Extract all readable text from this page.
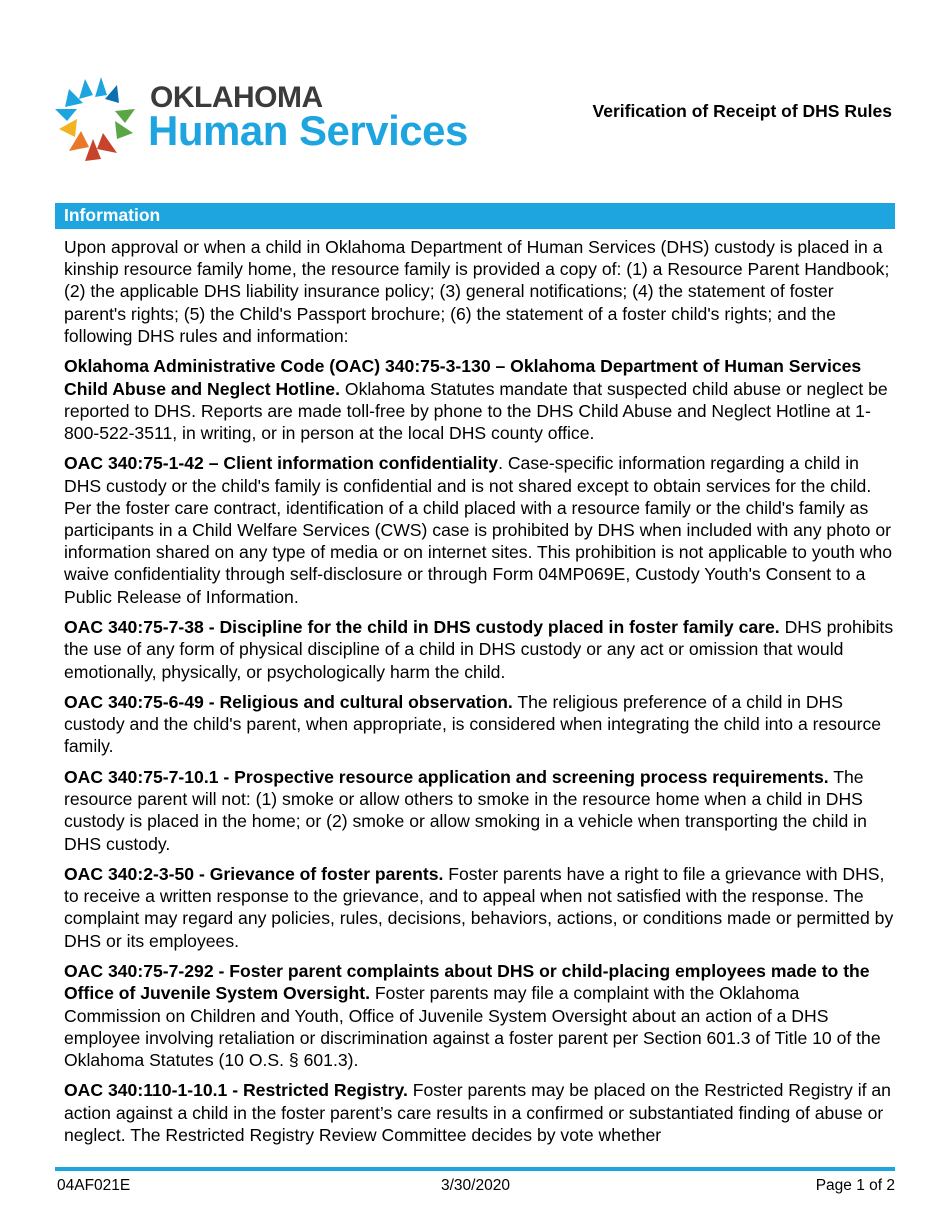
OKLAHOMA
Human Services	Verification of Receipt of DHS Rules
Information

Upon approval or when a child in Oklahoma Department of Human Services (DHS) custody is placed in a kinship resource family home, the resource family is provided a copy of: (1) a Resource Parent Handbook; (2) the applicable DHS liability insurance policy; (3) general notifications; (4) the statement of foster parent's rights; (5) the Child's Passport brochure; (6) the statement of a foster child's rights; and the following DHS rules and information:

Oklahoma Administrative Code (OAC) 340:75-3-130 – Oklahoma Department of Human Services Child Abuse and Neglect Hotline. Oklahoma Statutes mandate that suspected child abuse or neglect be reported to DHS. Reports are made toll-free by phone to the DHS Child Abuse and Neglect Hotline at 1-800-522-3511, in writing, or in person at the local DHS county office.

OAC 340:75-1-42 – Client information confidentiality. Case-specific information regarding a child in DHS custody or the child's family is confidential and is not shared except to obtain services for the child. Per the foster care contract, identification of a child placed with a resource family or the child's family as participants in a Child Welfare Services (CWS) case is prohibited by DHS when included with any photo or information shared on any type of media or on internet sites. This prohibition is not applicable to youth who waive confidentiality through self-disclosure or through Form 04MP069E, Custody Youth's Consent to a Public Release of Information.

OAC 340:75-7-38 - Discipline for the child in DHS custody placed in foster family care. DHS prohibits the use of any form of physical discipline of a child in DHS custody or any act or omission that would emotionally, physically, or psychologically harm the child.

OAC 340:75-6-49 - Religious and cultural observation. The religious preference of a child in DHS custody and the child's parent, when appropriate, is considered when integrating the child into a resource family.

OAC 340:75-7-10.1 - Prospective resource application and screening process requirements. The resource parent will not: (1) smoke or allow others to smoke in the resource home when a child in DHS custody is placed in the home; or (2) smoke or allow smoking in a vehicle when transporting the child in DHS custody.

OAC 340:2-3-50 - Grievance of foster parents. Foster parents have a right to file a grievance with DHS, to receive a written response to the grievance, and to appeal when not satisfied with the response. The complaint may regard any policies, rules, decisions, behaviors, actions, or conditions made or permitted by DHS or its employees.

OAC 340:75-7-292 - Foster parent complaints about DHS or child-placing employees made to the Office of Juvenile System Oversight. Foster parents may file a complaint with the Oklahoma Commission on Children and Youth, Office of Juvenile System Oversight about an action of a DHS employee involving retaliation or discrimination against a foster parent per Section 601.3 of Title 10 of the Oklahoma Statutes (10 O.S. § 601.3).

OAC 340:110-1-10.1 - Restricted Registry. Foster parents may be placed on the Restricted Registry if an action against a child in the foster parent’s care results in a confirmed or substantiated finding of abuse or neglect. The Restricted Registry Review Committee decides by vote whether

04AF021E	3/30/2020	Page 1 of 2
